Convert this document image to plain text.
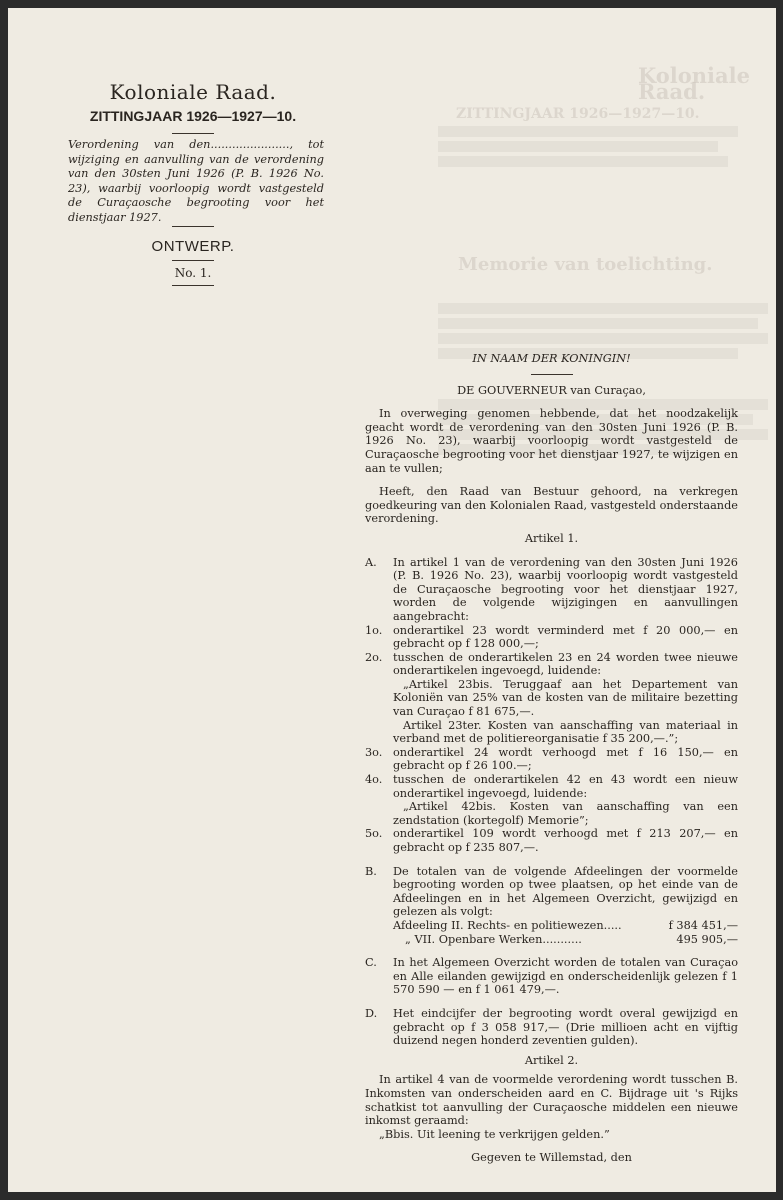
Koloniale Raad.
ZITTINGJAAR 1926—1927—10.
Memorie van toelichting.
Koloniale Raad.
ZITTINGJAAR 1926—1927—10.
Verordening van den......................, tot wijziging en aanvulling van de verordening van den 30sten Juni 1926 (P. B. 1926 No. 23), waarbij voorloopig wordt vastgesteld de Curaçaosche begrooting voor het dienstjaar 1927.
ONTWERP.
No. 1.

IN NAAM DER KONINGIN!

DE GOUVERNEUR van Curaçao,

In overweging genomen hebbende, dat het noodzakelijk geacht wordt de verordening van den 30sten Juni 1926 (P. B. 1926 No. 23), waarbij voorloopig wordt vastgesteld de Curaçaosche begrooting voor het dienstjaar 1927, te wijzigen en aan te vullen;

Heeft, den Raad van Bestuur gehoord, na verkregen goedkeuring van den Kolonialen Raad, vastgesteld onderstaande verordening.

Artikel 1.

A. In artikel 1 van de verordening van den 30sten Juni 1926 (P. B. 1926 No. 23), waarbij voorloopig wordt vastgesteld de Curaçaosche begrooting voor het dienstjaar 1927, worden de volgende wijzigingen en aanvullingen aangebracht:
1o. onderartikel 23 wordt verminderd met f 20 000,— en gebracht op f 128 000,—;
2o. tusschen de onderartikelen 23 en 24 worden twee nieuwe onderartikelen ingevoegd, luidende:

„Artikel 23bis. Teruggaaf aan het Departement van Koloniën van 25% van de kosten van de militaire bezetting van Curaçao f 81 675,—.

Artikel 23ter. Kosten van aanschaffing van materiaal in verband met de politiereorganisatie f 35 200,—.”;

3o. onderartikel 24 wordt verhoogd met f 16 150,— en gebracht op f 26 100.—;
4o. tusschen de onderartikelen 42 en 43 wordt een nieuw onderartikel ingevoegd, luidende:

„Artikel 42bis. Kosten van aanschaffing van een zendstation (kortegolf) Memorie”;

5o. onderartikel 109 wordt verhoogd met f 213 207,— en gebracht op f 235 807,—.
B. De totalen van de volgende Afdeelingen der voormelde begrooting worden op twee plaatsen, op het einde van de Afdeelingen en in het Algemeen Overzicht, gewijzigd en gelezen als volgt:
Afdeeling II. Rechts- en politiewezen.....	f 384 451,—
„ VII. Openbare Werken...........	495 905,—
C. In het Algemeen Overzicht worden de totalen van Curaçao en Alle eilanden gewijzigd en onderscheidenlijk gelezen f 1 570 590 — en f 1 061 479,—.
D. Het eindcijfer der begrooting wordt overal gewijzigd en gebracht op f 3 058 917,— (Drie millioen acht en vijftig duizend negen honderd zeventien gulden).

Artikel 2.

In artikel 4 van de voormelde verordening wordt tusschen B. Inkomsten van onderscheiden aard en C. Bijdrage uit 's Rijks schatkist tot aanvulling der Curaçaosche middelen een nieuwe inkomst geraamd:

„Bbis. Uit leening te verkrijgen gelden.”

Gegeven te Willemstad, den
